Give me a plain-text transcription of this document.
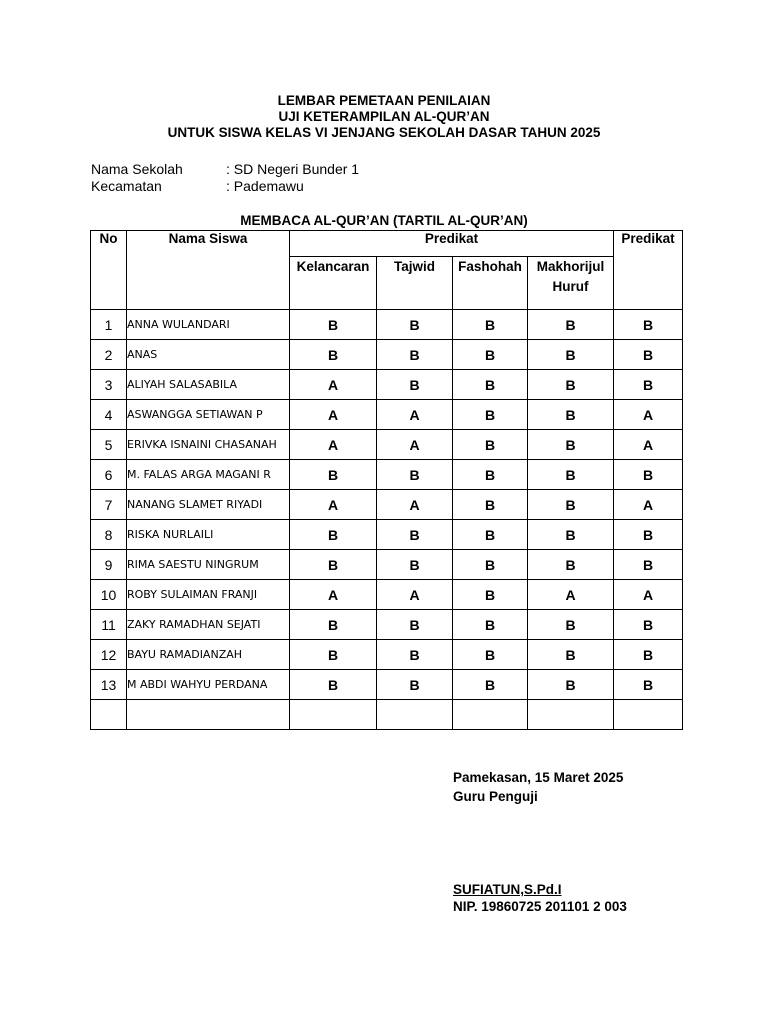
LEMBAR PEMETAAN PENILAIAN
UJI KETERAMPILAN AL-QUR’AN
UNTUK SISWA KELAS VI JENJANG SEKOLAH DASAR TAHUN 2025
Nama Sekolah	: SD Negeri Bunder 1
Kecamatan	: Pademawu
MEMBACA AL-QUR’AN (TARTIL AL-QUR’AN)
No	Nama Siswa	Predikat				Predikat
		Kelancaran	Tajwid	Fashohah	Makhorijul
Huruf	
1	ANNA WULANDARI	B	B	B	B	B
2	ANAS	B	B	B	B	B
3	ALIYAH SALASABILA	A	B	B	B	B
4	ASWANGGA SETIAWAN P	A	A	B	B	A
5	ERIVKA ISNAINI CHASANAH	A	A	B	B	A
6	M. FALAS ARGA MAGANI R	B	B	B	B	B
7	NANANG SLAMET RIYADI	A	A	B	B	A
8	RISKA NURLAILI	B	B	B	B	B
9	RIMA SAESTU NINGRUM	B	B	B	B	B
10	ROBY SULAIMAN FRANJI	A	A	B	A	A
11	ZAKY RAMADHAN SEJATI	B	B	B	B	B
12	BAYU RAMADIANZAH	B	B	B	B	B
13	M ABDI WAHYU PERDANA	B	B	B	B	B

Pamekasan, 15 Maret 2025
Guru Penguji
SUFIATUN,S.Pd.I
NIP. 19860725 201101 2 003
